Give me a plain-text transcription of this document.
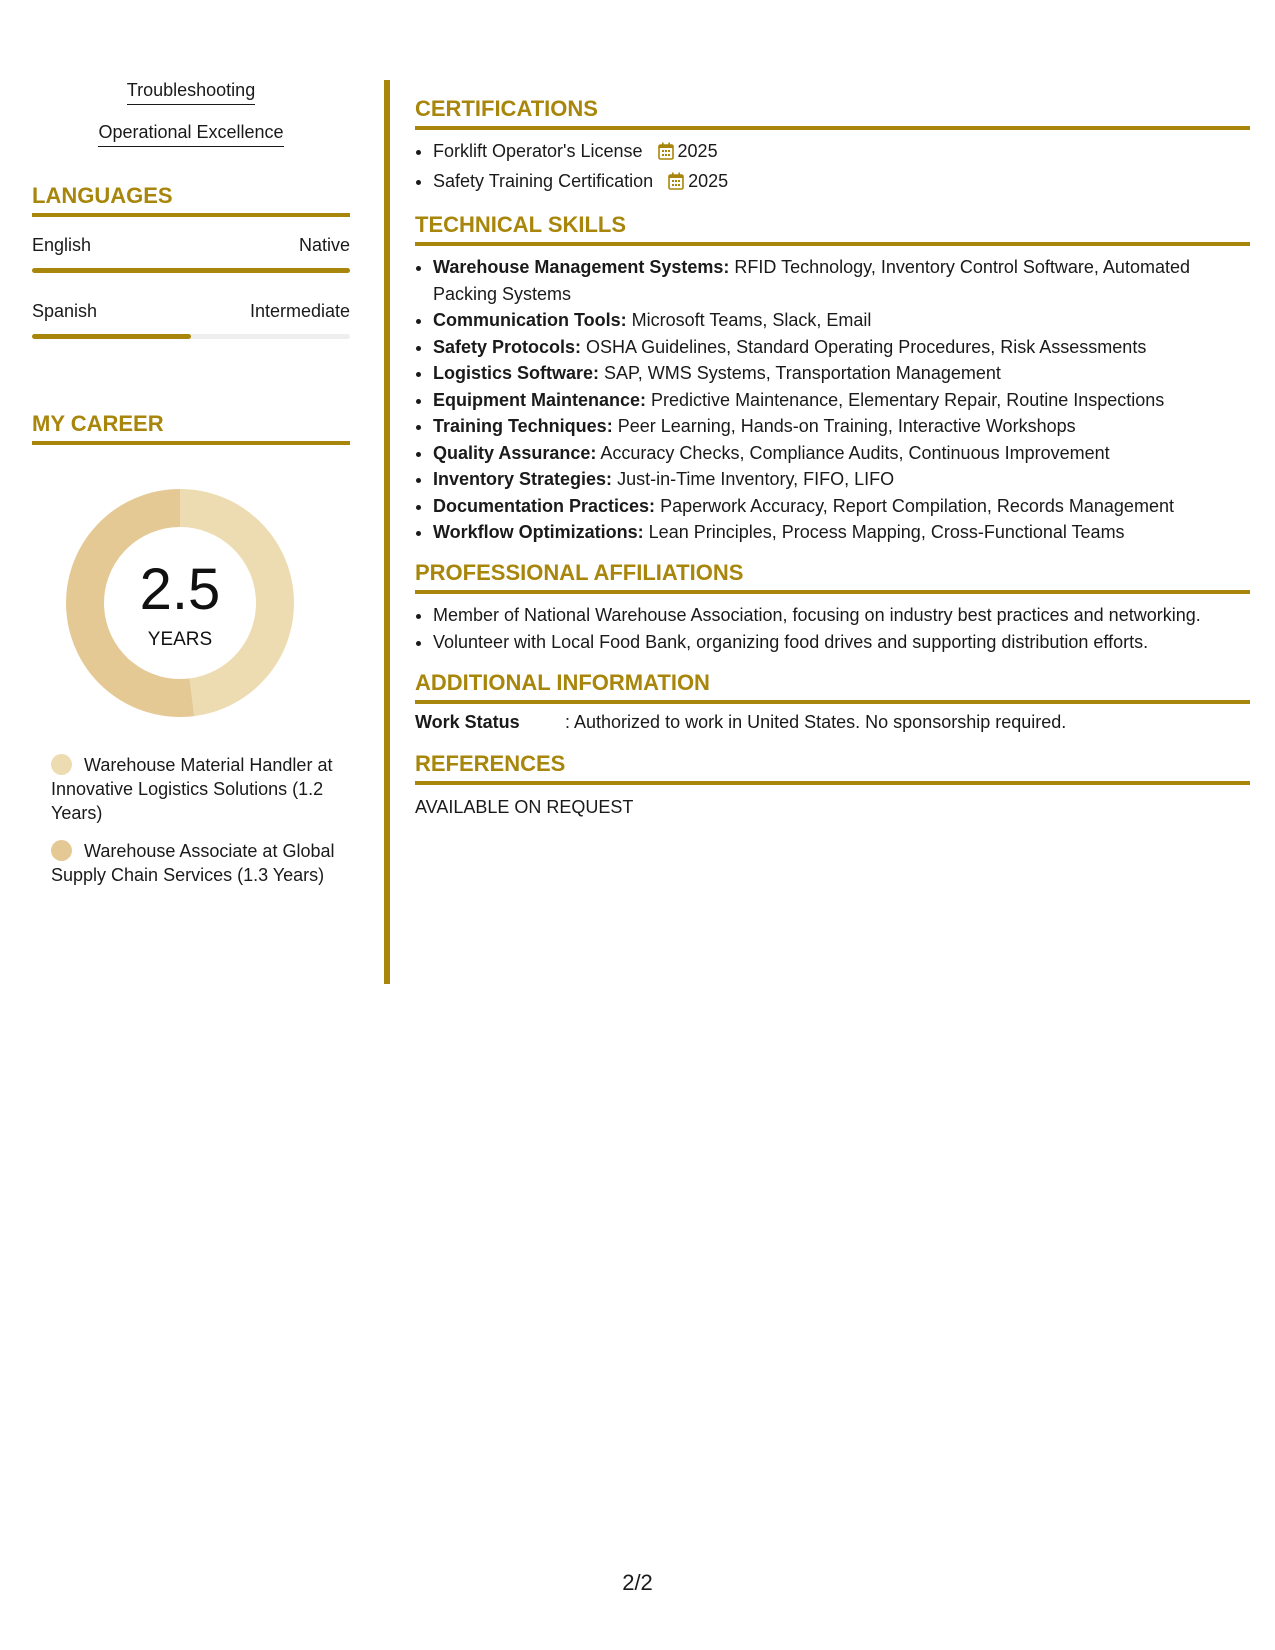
Troubleshooting
Operational Excellence
LANGUAGES
English	Native
Spanish	Intermediate
MY CAREER
2.5
YEARS
Warehouse Material Handler at Innovative Logistics Solutions (1.2 Years)
Warehouse Associate at Global Supply Chain Services (1.3 Years)
CERTIFICATIONS
• Forklift Operator's License 2025
• Safety Training Certification 2025
TECHNICAL SKILLS
• Warehouse Management Systems: RFID Technology, Inventory Control Software, Automated Packing Systems
• Communication Tools: Microsoft Teams, Slack, Email
• Safety Protocols: OSHA Guidelines, Standard Operating Procedures, Risk Assessments
• Logistics Software: SAP, WMS Systems, Transportation Management
• Equipment Maintenance: Predictive Maintenance, Elementary Repair, Routine Inspections
• Training Techniques: Peer Learning, Hands-on Training, Interactive Workshops
• Quality Assurance: Accuracy Checks, Compliance Audits, Continuous Improvement
• Inventory Strategies: Just-in-Time Inventory, FIFO, LIFO
• Documentation Practices: Paperwork Accuracy, Report Compilation, Records Management
• Workflow Optimizations: Lean Principles, Process Mapping, Cross-Functional Teams
PROFESSIONAL AFFILIATIONS
• Member of National Warehouse Association, focusing on industry best practices and networking.
• Volunteer with Local Food Bank, organizing food drives and supporting distribution efforts.
ADDITIONAL INFORMATION
Work Status	: Authorized to work in United States. No sponsorship required.
REFERENCES
AVAILABLE ON REQUEST
2/2
